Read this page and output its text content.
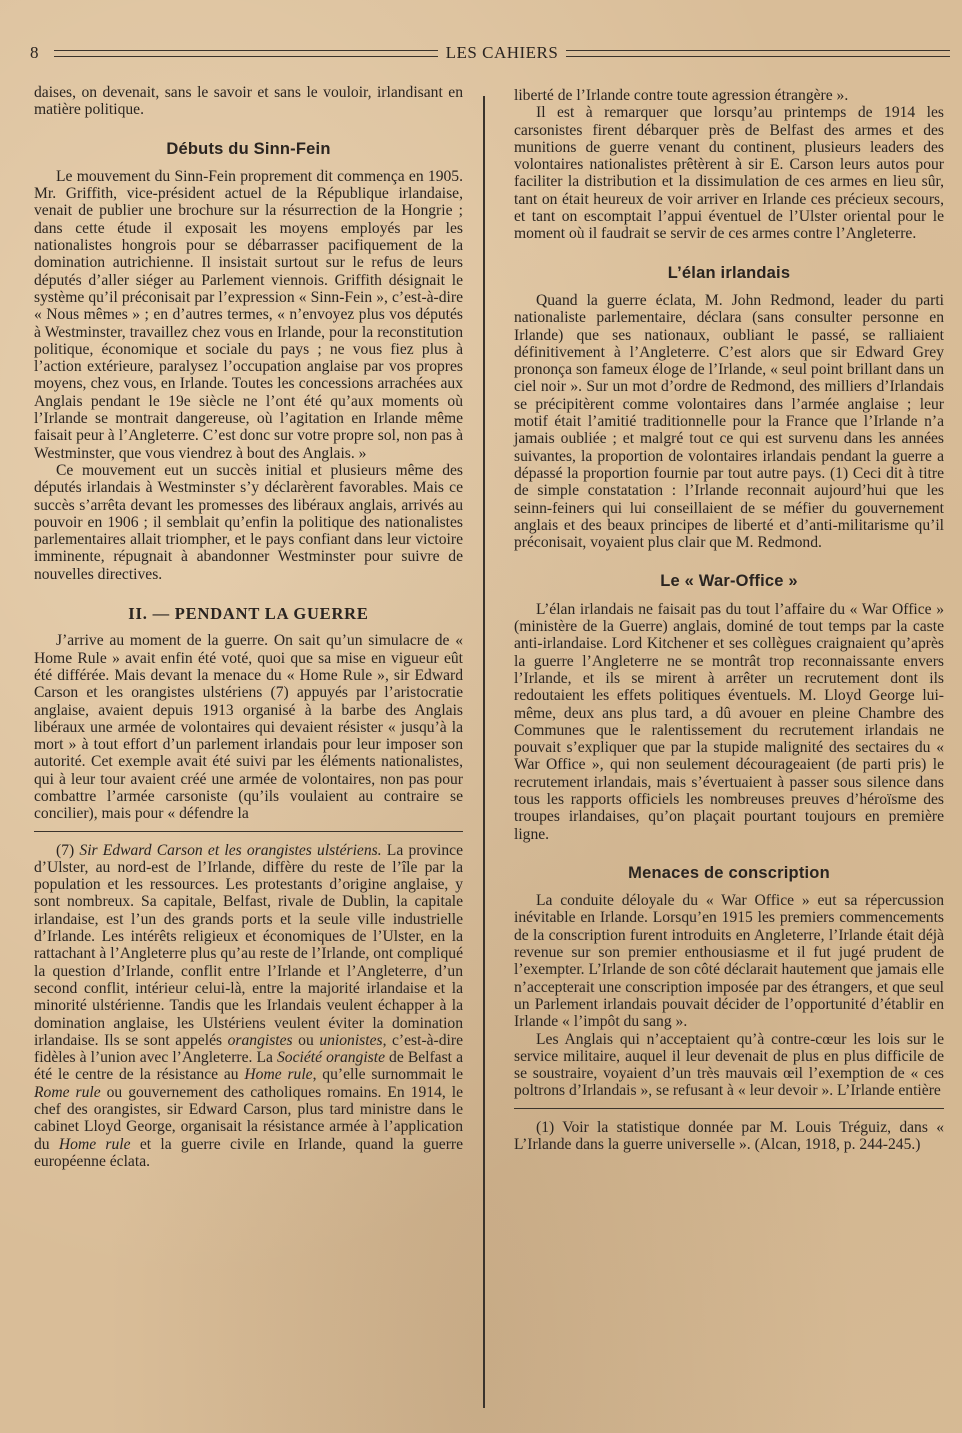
8	LES CAHIERS

daises, on devenait, sans le savoir et sans le vouloir, irlandisant en matière politique.

Débuts du Sinn-Fein

Le mouvement du Sinn-Fein proprement dit commença en 1905. Mr. Griffith, vice-président actuel de la République irlandaise, venait de publier une brochure sur la résurrection de la Hongrie ; dans cette étude il exposait les moyens employés par les nationalistes hongrois pour se débarrasser pacifiquement de la domination autrichienne. Il insistait surtout sur le refus de leurs députés d’aller siéger au Parlement viennois. Griffith désignait le système qu’il préconisait par l’expression « Sinn-Fein », c’est-à-dire « Nous mêmes » ; en d’autres termes, « n’envoyez plus vos députés à Westminster, travaillez chez vous en Irlande, pour la reconstitution politique, économique et sociale du pays ; ne vous fiez plus à l’action extérieure, paralysez l’occupation anglaise par vos propres moyens, chez vous, en Irlande. Toutes les concessions arrachées aux Anglais pendant le 19e siècle ne l’ont été qu’aux moments où l’Irlande se montrait dangereuse, où l’agitation en Irlande même faisait peur à l’Angleterre. C’est donc sur votre propre sol, non pas à Westminster, que vous viendrez à bout des Anglais. »

Ce mouvement eut un succès initial et plusieurs même des députés irlandais à Westminster s’y déclarèrent favorables. Mais ce succès s’arrêta devant les promesses des libéraux anglais, arrivés au pouvoir en 1906 ; il semblait qu’enfin la politique des nationalistes parlementaires allait triompher, et le pays confiant dans leur victoire imminente, répugnait à abandonner Westminster pour suivre de nouvelles directives.

II. — PENDANT LA GUERRE

J’arrive au moment de la guerre. On sait qu’un simulacre de « Home Rule » avait enfin été voté, quoi que sa mise en vigueur eût été différée. Mais devant la menace du « Home Rule », sir Edward Carson et les orangistes ulstériens (7) appuyés par l’aristocratie anglaise, avaient depuis 1913 organisé à la barbe des Anglais libéraux une armée de volontaires qui devaient résister « jusqu’à la mort » à tout effort d’un parlement irlandais pour leur imposer son autorité. Cet exemple avait été suivi par les éléments nationalistes, qui à leur tour avaient créé une armée de volontaires, non pas pour combattre l’armée carsoniste (qu’ils voulaient au contraire se concilier), mais pour « défendre la

(7) Sir Edward Carson et les orangistes ulstériens. La province d’Ulster, au nord-est de l’Irlande, diffère du reste de l’île par la population et les ressources. Les protestants d’origine anglaise, y sont nombreux. Sa capitale, Belfast, rivale de Dublin, la capitale irlandaise, est l’un des grands ports et la seule ville industrielle d’Irlande. Les intérêts religieux et économiques de l’Ulster, en la rattachant à l’Angleterre plus qu’au reste de l’Irlande, ont compliqué la question d’Irlande, conflit entre l’Irlande et l’Angleterre, d’un second conflit, intérieur celui-là, entre la majorité irlandaise et la minorité ulstérienne. Tandis que les Irlandais veulent échapper à la domination anglaise, les Ulstériens veulent éviter la domination irlandaise. Ils se sont appelés orangistes ou unionistes, c’est-à-dire fidèles à l’union avec l’Angleterre. La Société orangiste de Belfast a été le centre de la résistance au Home rule, qu’elle surnommait le Rome rule ou gouvernement des catholiques romains. En 1914, le chef des orangistes, sir Edward Carson, plus tard ministre dans le cabinet Lloyd George, organisait la résistance armée à l’application du Home rule et la guerre civile en Irlande, quand la guerre européenne éclata.

liberté de l’Irlande contre toute agression étrangère ».

Il est à remarquer que lorsqu’au printemps de 1914 les carsonistes firent débarquer près de Belfast des armes et des munitions de guerre venant du continent, plusieurs leaders des volontaires nationalistes prêtèrent à sir E. Carson leurs autos pour faciliter la distribution et la dissimulation de ces armes en lieu sûr, tant on était heureux de voir arriver en Irlande ces précieux secours, et tant on escomptait l’appui éventuel de l’Ulster oriental pour le moment où il faudrait se servir de ces armes contre l’Angleterre.

L’élan irlandais

Quand la guerre éclata, M. John Redmond, leader du parti nationaliste parlementaire, déclara (sans consulter personne en Irlande) que ses nationaux, oubliant le passé, se ralliaient définitivement à l’Angleterre. C’est alors que sir Edward Grey prononça son fameux éloge de l’Irlande, « seul point brillant dans un ciel noir ». Sur un mot d’ordre de Redmond, des milliers d’Irlandais se précipitèrent comme volontaires dans l’armée anglaise ; leur motif était l’amitié traditionnelle pour la France que l’Irlande n’a jamais oubliée ; et malgré tout ce qui est survenu dans les années suivantes, la proportion de volontaires irlandais pendant la guerre a dépassé la proportion fournie par tout autre pays. (1) Ceci dit à titre de simple constatation : l’Irlande reconnait aujourd’hui que les seinn-feiners qui lui conseillaient de se méfier du gouvernement anglais et des beaux principes de liberté et d’anti-militarisme qu’il préconisait, voyaient plus clair que M. Redmond.

Le « War-Office »

L’élan irlandais ne faisait pas du tout l’affaire du « War Office » (ministère de la Guerre) anglais, dominé de tout temps par la caste anti-irlandaise. Lord Kitchener et ses collègues craignaient qu’après la guerre l’Angleterre ne se montrât trop reconnaissante envers l’Irlande, et ils se mirent à arrêter un recrutement dont ils redoutaient les effets politiques éventuels. M. Lloyd George lui-même, deux ans plus tard, a dû avouer en pleine Chambre des Communes que le ralentissement du recrutement irlandais ne pouvait s’expliquer que par la stupide malignité des sectaires du « War Office », qui non seulement décourageaient (de parti pris) le recrutement irlandais, mais s’évertuaient à passer sous silence dans tous les rapports officiels les nombreuses preuves d’héroïsme des troupes irlandaises, qu’on plaçait pourtant toujours en première ligne.

Menaces de conscription

La conduite déloyale du « War Office » eut sa répercussion inévitable en Irlande. Lorsqu’en 1915 les premiers commencements de la conscription furent introduits en Angleterre, l’Irlande était déjà revenue sur son premier enthousiasme et il fut jugé prudent de l’exempter. L’Irlande de son côté déclarait hautement que jamais elle n’accepterait une conscription imposée par des étrangers, et que seul un Parlement irlandais pouvait décider de l’opportunité d’établir en Irlande « l’impôt du sang ».

Les Anglais qui n’acceptaient qu’à contre-cœur les lois sur le service militaire, auquel il leur devenait de plus en plus difficile de se soustraire, voyaient d’un très mauvais œil l’exemption de « ces poltrons d’Irlandais », se refusant à « leur devoir ». L’Irlande entière

(1) Voir la statistique donnée par M. Louis Tréguiz, dans « L’Irlande dans la guerre universelle ». (Alcan, 1918, p. 244-245.)
